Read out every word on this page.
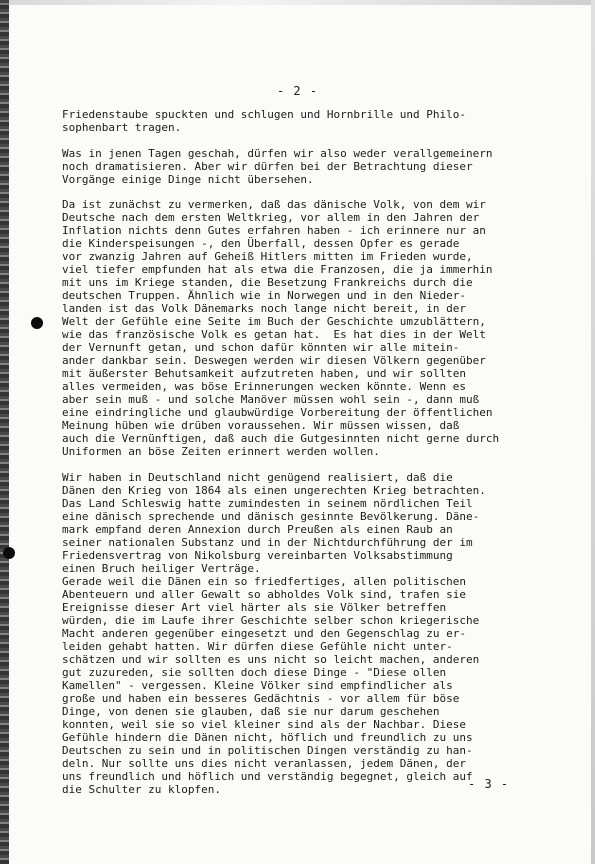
- 2 -
Friedenstaube spuckten und schlugen und Hornbrille und Philo-
sophenbart tragen.
Was in jenen Tagen geschah, dürfen wir also weder verallgemeinern
noch dramatisieren. Aber wir dürfen bei der Betrachtung dieser
Vorgänge einige Dinge nicht übersehen.
Da ist zunächst zu vermerken, daß das dänische Volk, von dem wir
Deutsche nach dem ersten Weltkrieg, vor allem in den Jahren der
Inflation nichts denn Gutes erfahren haben - ich erinnere nur an
die Kinderspeisungen -, den Überfall, dessen Opfer es gerade
vor zwanzig Jahren auf Geheiß Hitlers mitten im Frieden wurde,
viel tiefer empfunden hat als etwa die Franzosen, die ja immerhin
mit uns im Kriege standen, die Besetzung Frankreichs durch die
deutschen Truppen. Ähnlich wie in Norwegen und in den Nieder-
landen ist das Volk Dänemarks noch lange nicht bereit, in der
Welt der Gefühle eine Seite im Buch der Geschichte umzublättern,
wie das französische Volk es getan hat.  Es hat dies in der Welt
der Vernunft getan, und schon dafür könnten wir alle mitein-
ander dankbar sein. Deswegen werden wir diesen Völkern gegenüber
mit äußerster Behutsamkeit aufzutreten haben, und wir sollten
alles vermeiden, was böse Erinnerungen wecken könnte. Wenn es
aber sein muß - und solche Manöver müssen wohl sein -, dann muß
eine eindringliche und glaubwürdige Vorbereitung der öffentlichen
Meinung hüben wie drüben voraussehen. Wir müssen wissen, daß
auch die Vernünftigen, daß auch die Gutgesinnten nicht gerne durch
Uniformen an böse Zeiten erinnert werden wollen.
Wir haben in Deutschland nicht genügend realisiert, daß die
Dänen den Krieg von 1864 als einen ungerechten Krieg betrachten.
Das Land Schleswig hatte zumindesten in seinem nördlichen Teil
eine dänisch sprechende und dänisch gesinnte Bevölkerung. Däne-
mark empfand deren Annexion durch Preußen als einen Raub an
seiner nationalen Substanz und in der Nichtdurchführung der im
Friedensvertrag von Nikolsburg vereinbarten Volksabstimmung
einen Bruch heiliger Verträge.
Gerade weil die Dänen ein so friedfertiges, allen politischen
Abenteuern und aller Gewalt so abholdes Volk sind, trafen sie
Ereignisse dieser Art viel härter als sie Völker betreffen
würden, die im Laufe ihrer Geschichte selber schon kriegerische
Macht anderen gegenüber eingesetzt und den Gegenschlag zu er-
leiden gehabt hatten. Wir dürfen diese Gefühle nicht unter-
schätzen und wir sollten es uns nicht so leicht machen, anderen
gut zuzureden, sie sollten doch diese Dinge - "Diese ollen
Kamellen" - vergessen. Kleine Völker sind empfindlicher als
große und haben ein besseres Gedächtnis - vor allem für böse
Dinge, von denen sie glauben, daß sie nur darum geschehen
konnten, weil sie so viel kleiner sind als der Nachbar. Diese
Gefühle hindern die Dänen nicht, höflich und freundlich zu uns
Deutschen zu sein und in politischen Dingen verständig zu han-
deln. Nur sollte uns dies nicht veranlassen, jedem Dänen, der
uns freundlich und höflich und verständig begegnet, gleich auf
die Schulter zu klopfen.	- 3 -
